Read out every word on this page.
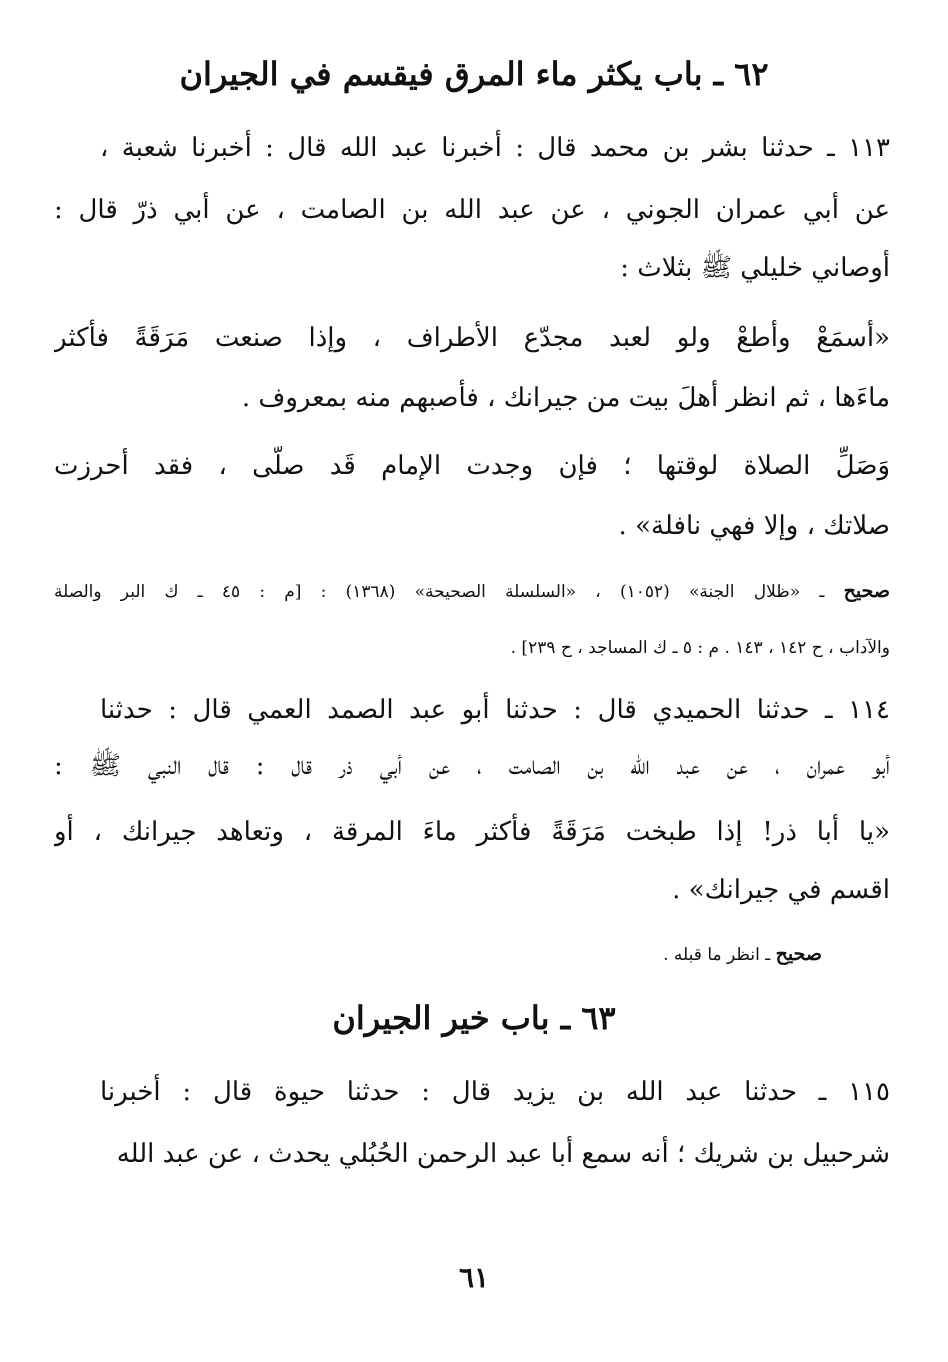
٦٢ ـ باب يكثر ماء المرق فيقسم في الجيران
١١٣ ـ حدثنا بشر بن محمد قال : أخبرنا عبد الله قال : أخبرنا شعبة ،
عن أبي عمران الجوني ، عن عبد الله بن الصامت ، عن أبي ذرّ قال :
أوصاني خليلي ﷺ بثلاث :
«أسمَعْ وأطعْ ولو لعبد مجدّع الأطراف ، وإذا صنعت مَرَقَةً فأكثر
ماءَها ، ثم انظر أهلَ بيت من جيرانك ، فأصبهم منه بمعروف .
وَصَلِّ الصلاة لوقتها ؛ فإن وجدت الإمام قَد صلّى ، فقد أحرزت
صلاتك ، وإلا فهي نافلة» .
صحيح ـ «ظلال الجنة» (١٠٥٢) ، «السلسلة الصحيحة» (١٣٦٨) : [م : ٤٥ ـ ك البر والصلة
والآداب ، ح ١٤٢ ، ١٤٣ . م : ٥ ـ ك المساجد ، ح ٢٣٩] .
١١٤ ـ حدثنا الحميدي قال : حدثنا أبو عبد الصمد العمي قال : حدثنا
أبو عمران ، عن عبد الله بن الصامت ، عن أبي ذر قال : قال النبي ﷺ :
«يا أبا ذر! إذا طبخت مَرَقَةً فأكثر ماءَ المرقة ، وتعاهد جيرانك ، أو
اقسم في جيرانك» .
صحيح ـ انظر ما قبله .
٦٣ ـ باب خير الجيران
١١٥ ـ حدثنا عبد الله بن يزيد قال : حدثنا حيوة قال : أخبرنا
شرحبيل بن شريك ؛ أنه سمع أبا عبد الرحمن الحُبُلي يحدث ، عن عبد الله
٦١
